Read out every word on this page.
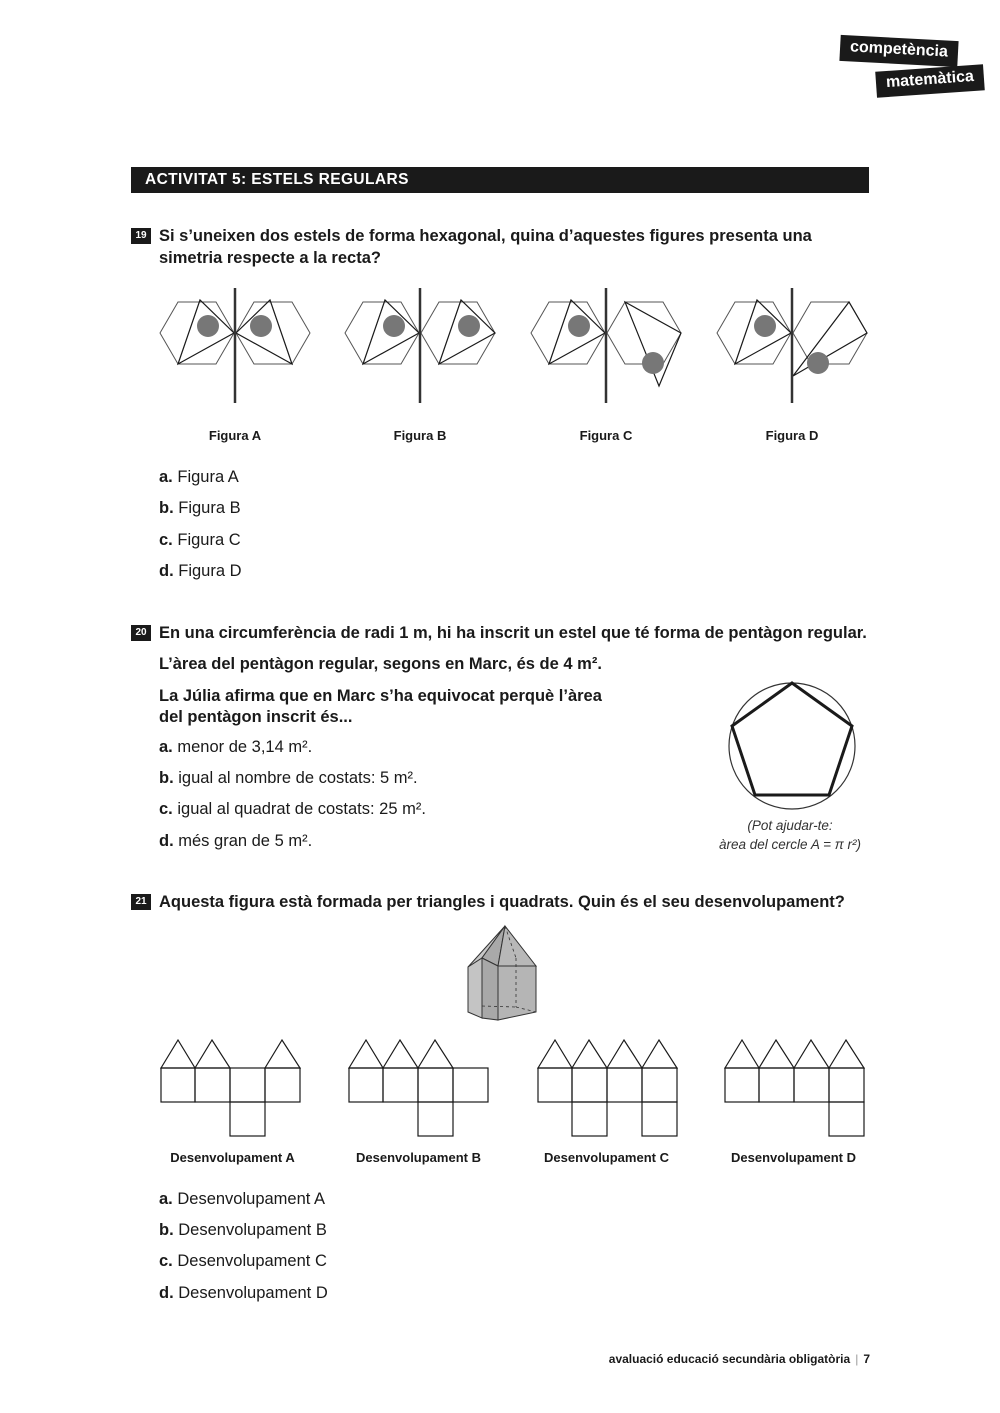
competència
matemàtica
ACTIVITAT 5: ESTELS REGULARS
19 Si s’uneixen dos estels de forma hexagonal, quina d’aquestes figures presenta una
simetria respecte a la recta?
Figura A	Figura B	Figura C	Figura D
a. Figura A
b. Figura B
c. Figura C
d. Figura D
20 En una circumferència de radi 1 m, hi ha inscrit un estel que té forma de pentàgon regular.
L’àrea del pentàgon regular, segons en Marc, és de 4 m².
La Júlia afirma que en Marc s’ha equivocat perquè l’àrea
del pentàgon inscrit és...
a. menor de 3,14 m².
b. igual al nombre de costats: 5 m².
c. igual al quadrat de costats: 25 m².
d. més gran de 5 m².
(Pot ajudar-te:
àrea del cercle A = π r²)
21 Aquesta figura està formada per triangles i quadrats. Quin és el seu desenvolupament?
Desenvolupament A	Desenvolupament B	Desenvolupament C	Desenvolupament D
a. Desenvolupament A
b. Desenvolupament B
c. Desenvolupament C
d. Desenvolupament D
avaluació educació secundària obligatòria | 7
